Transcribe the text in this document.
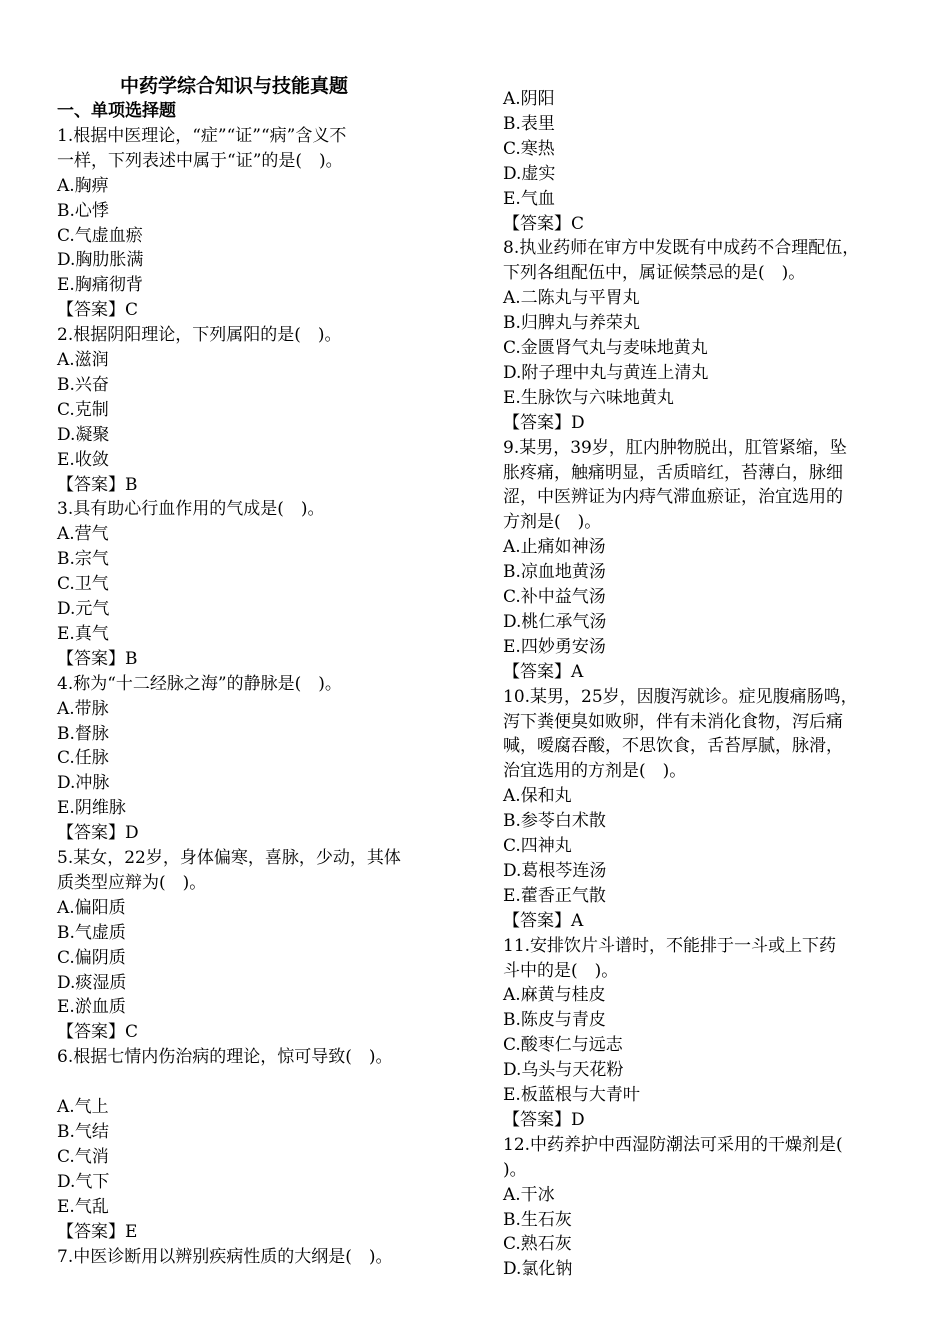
中药学综合知识与技能真题
一、单项选择题
1.根据中医理论，“症”“证”“病”含义不
一样，下列表述中属于“证”的是(　)。
A.胸痹
B.心悸
C.气虚血瘀
D.胸肋胀满
E.胸痛彻背
【答案】C
2.根据阴阳理论，下列属阳的是(　)。
A.滋润
B.兴奋
C.克制
D.凝聚
E.收敛
【答案】B
3.具有助心行血作用的气成是(　)。
A.营气
B.宗气
C.卫气
D.元气
E.真气
【答案】B
4.称为“十二经脉之海”的静脉是(　)。
A.带脉
B.督脉
C.任脉
D.冲脉
E.阴维脉
【答案】D
5.某女，22岁，身体偏寒，喜脉，少动，其体
质类型应辩为(　)。
A.偏阳质
B.气虚质
C.偏阴质
D.痰湿质
E.淤血质
【答案】C
6.根据七情内伤治病的理论，惊可导致(　)。
A.气上
B.气结
C.气消
D.气下
E.气乱
【答案】E
7.中医诊断用以辨别疾病性质的大纲是(　)。
A.阴阳
B.表里
C.寒热
D.虚实
E.气血
【答案】C
8.执业药师在审方中发既有中成药不合理配伍，
下列各组配伍中，属证候禁忌的是(　)。
A.二陈丸与平胃丸
B.归脾丸与养荣丸
C.金匮肾气丸与麦味地黄丸
D.附子理中丸与黄连上清丸
E.生脉饮与六味地黄丸
【答案】D
9.某男，39岁，肛内肿物脱出，肛管紧缩，坠
胀疼痛，触痛明显，舌质暗红，苔薄白，脉细
涩，中医辨证为内痔气滞血瘀证，治宜选用的
方剂是(　)。
A.止痛如神汤
B.凉血地黄汤
C.补中益气汤
D.桃仁承气汤
E.四妙勇安汤
【答案】A
10.某男，25岁，因腹泻就诊。症见腹痛肠鸣，
泻下粪便臭如败卵，伴有未消化食物，泻后痛
喊，嗳腐吞酸，不思饮食，舌苔厚腻，脉滑，
治宜选用的方剂是(　)。
A.保和丸
B.参苓白术散
C.四神丸
D.葛根芩连汤
E.藿香正气散
【答案】A
11.安排饮片斗谱时，不能排于一斗或上下药
斗中的是(　)。
A.麻黄与桂皮
B.陈皮与青皮
C.酸枣仁与远志
D.乌头与天花粉
E.板蓝根与大青叶
【答案】D
12.中药养护中西湿防潮法可采用的干燥剂是(
)。
A.干冰
B.生石灰
C.熟石灰
D.氯化钠
